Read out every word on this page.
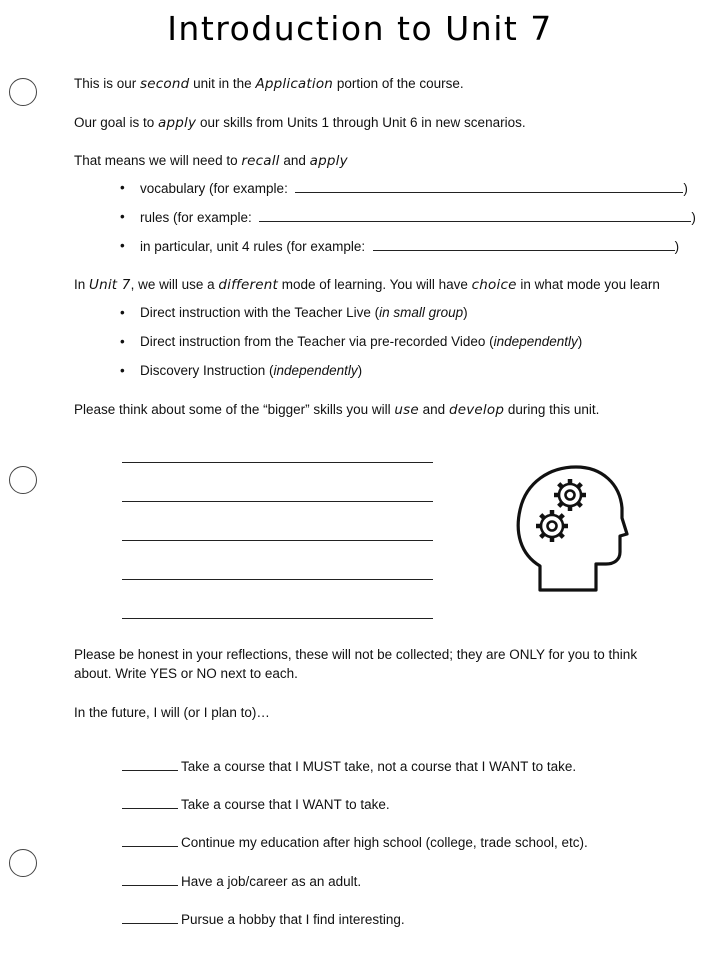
Introduction to Unit 7
This is our second unit in the Application portion of the course.
Our goal is to apply our skills from Units 1 through Unit 6 in new scenarios.
That means we will need to recall and apply
• vocabulary (for example:	)
• rules (for example:	)
• in particular, unit 4 rules (for example:	)
In Unit 7, we will use a different mode of learning. You will have choice in what mode you learn
• Direct instruction with the Teacher Live (in small group)
• Direct instruction from the Teacher via pre-recorded Video (independently)
• Discovery Instruction (independently)
Please think about some of the “bigger” skills you will use and develop during this unit.
Please be honest in your reflections, these will not be collected; they are ONLY for you to think
about. Write YES or NO next to each.
In the future, I will (or I plan to)…
Take a course that I MUST take, not a course that I WANT to take.
Take a course that I WANT to take.
Continue my education after high school (college, trade school, etc).
Have a job/career as an adult.
Pursue a hobby that I find interesting.
